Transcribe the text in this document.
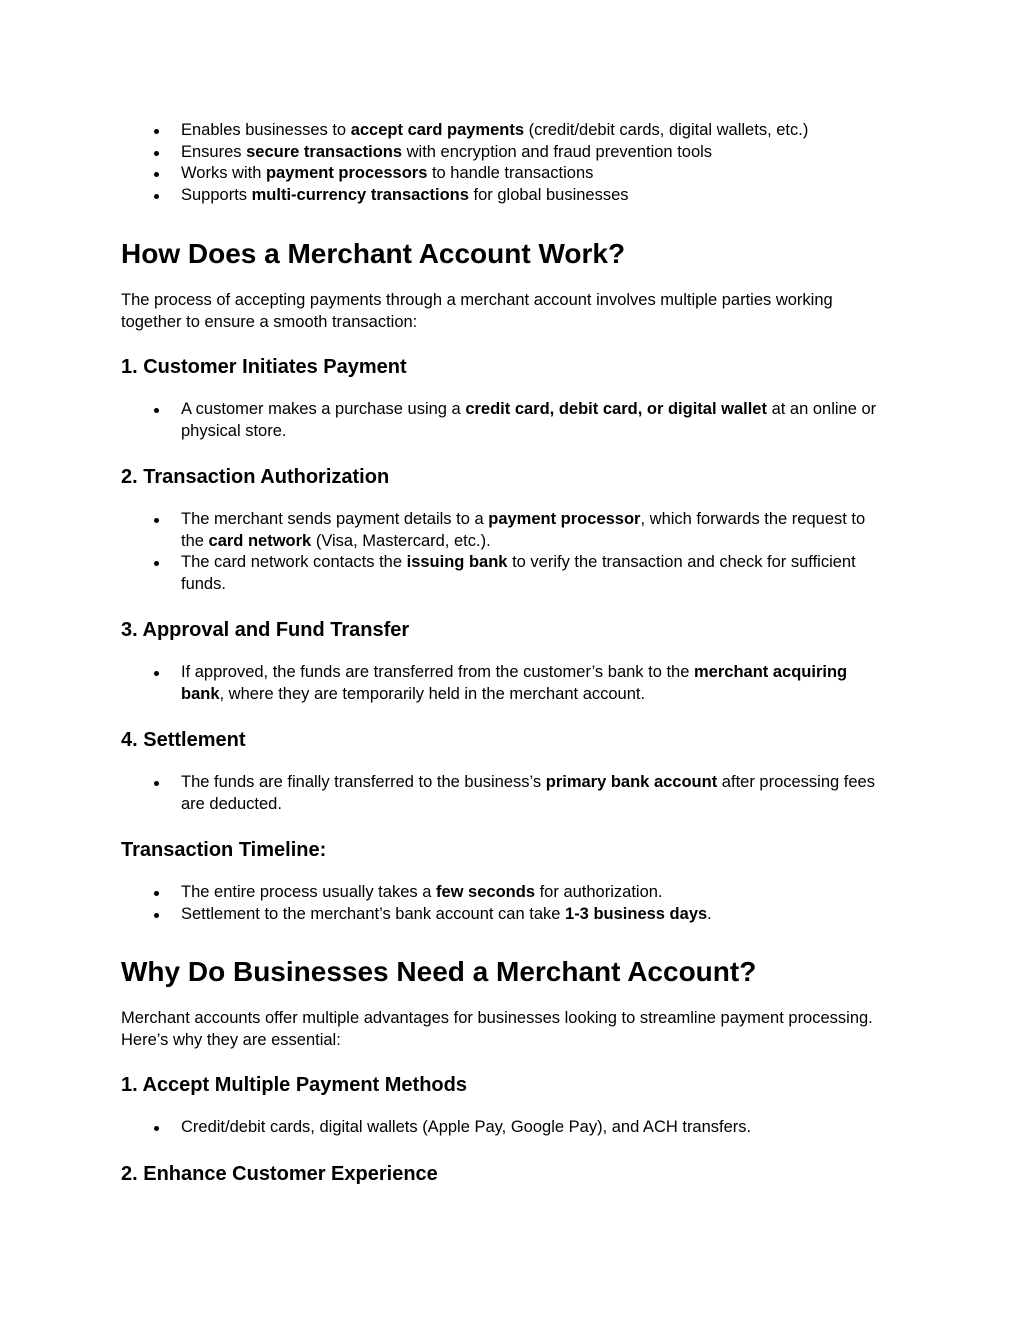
Enables businesses to accept card payments (credit/debit cards, digital wallets, etc.)
Ensures secure transactions with encryption and fraud prevention tools
Works with payment processors to handle transactions
Supports multi-currency transactions for global businesses
How Does a Merchant Account Work?

The process of accepting payments through a merchant account involves multiple parties working together to ensure a smooth transaction:

1. Customer Initiates Payment
A customer makes a purchase using a credit card, debit card, or digital wallet at an online or physical store.
2. Transaction Authorization
The merchant sends payment details to a payment processor, which forwards the request to the card network (Visa, Mastercard, etc.).
The card network contacts the issuing bank to verify the transaction and check for sufficient funds.
3. Approval and Fund Transfer
If approved, the funds are transferred from the customer’s bank to the merchant acquiring bank, where they are temporarily held in the merchant account.
4. Settlement
The funds are finally transferred to the business’s primary bank account after processing fees are deducted.
Transaction Timeline:
The entire process usually takes a few seconds for authorization.
Settlement to the merchant’s bank account can take 1-3 business days.
Why Do Businesses Need a Merchant Account?

Merchant accounts offer multiple advantages for businesses looking to streamline payment processing. Here’s why they are essential:

1. Accept Multiple Payment Methods
Credit/debit cards, digital wallets (Apple Pay, Google Pay), and ACH transfers.
2. Enhance Customer Experience
